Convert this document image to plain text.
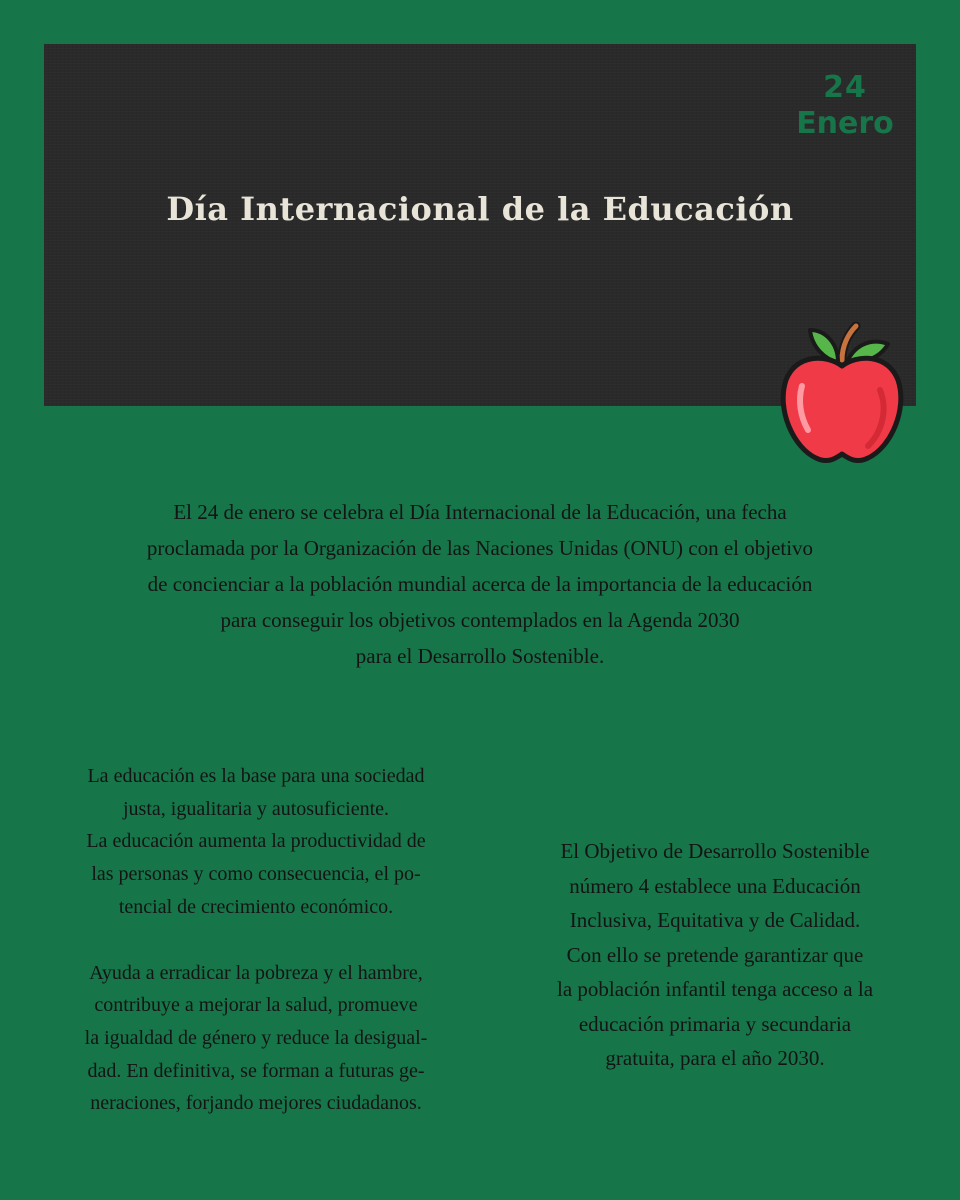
24
Enero
Día Internacional de la Educación

El 24 de enero se celebra el Día Internacional de la Educación, una fecha
proclamada por la Organización de las Naciones Unidas (ONU) con el objetivo
de concienciar a la población mundial acerca de la importancia de la educación
para conseguir los objetivos contemplados en la Agenda 2030
para el Desarrollo Sostenible.

La educación es la base para una sociedad
justa, igualitaria y autosuficiente.
La educación aumenta la productividad de
las personas y como consecuencia, el po-
tencial de crecimiento económico.
Ayuda a erradicar la pobreza y el hambre,
contribuye a mejorar la salud, promueve
la igualdad de género y reduce la desigual-
dad. En definitiva, se forman a futuras ge-
neraciones, forjando mejores ciudadanos.
El Objetivo de Desarrollo Sostenible
número 4 establece una Educación
Inclusiva, Equitativa y de Calidad.
Con ello se pretende garantizar que
la población infantil tenga acceso a la
educación primaria y secundaria
gratuita, para el año 2030.
